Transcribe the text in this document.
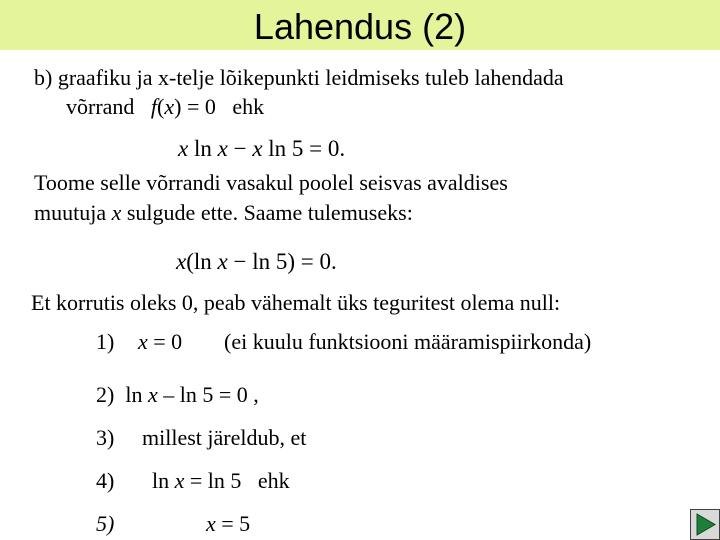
Lahendus (2)
b) graafiku ja x-telje lõikepunkti leidmiseks tuleb lahendada
võrrand f(x) = 0 ehk
x ln x − x ln 5 = 0.
Toome selle võrrandi vasakul poolel seisvas avaldises
muutuja x sulgude ette. Saame tulemuseks:
x(ln x − ln 5) = 0.
Et korrutis oleks 0, peab vähemalt üks teguritest olema null:
1) x = 0 (ei kuulu funktsiooni määramispiirkonda)
2) ln x – ln 5 = 0 ,
3) millest järeldub, et
4) ln x = ln 5 ehk
5)	x = 5
